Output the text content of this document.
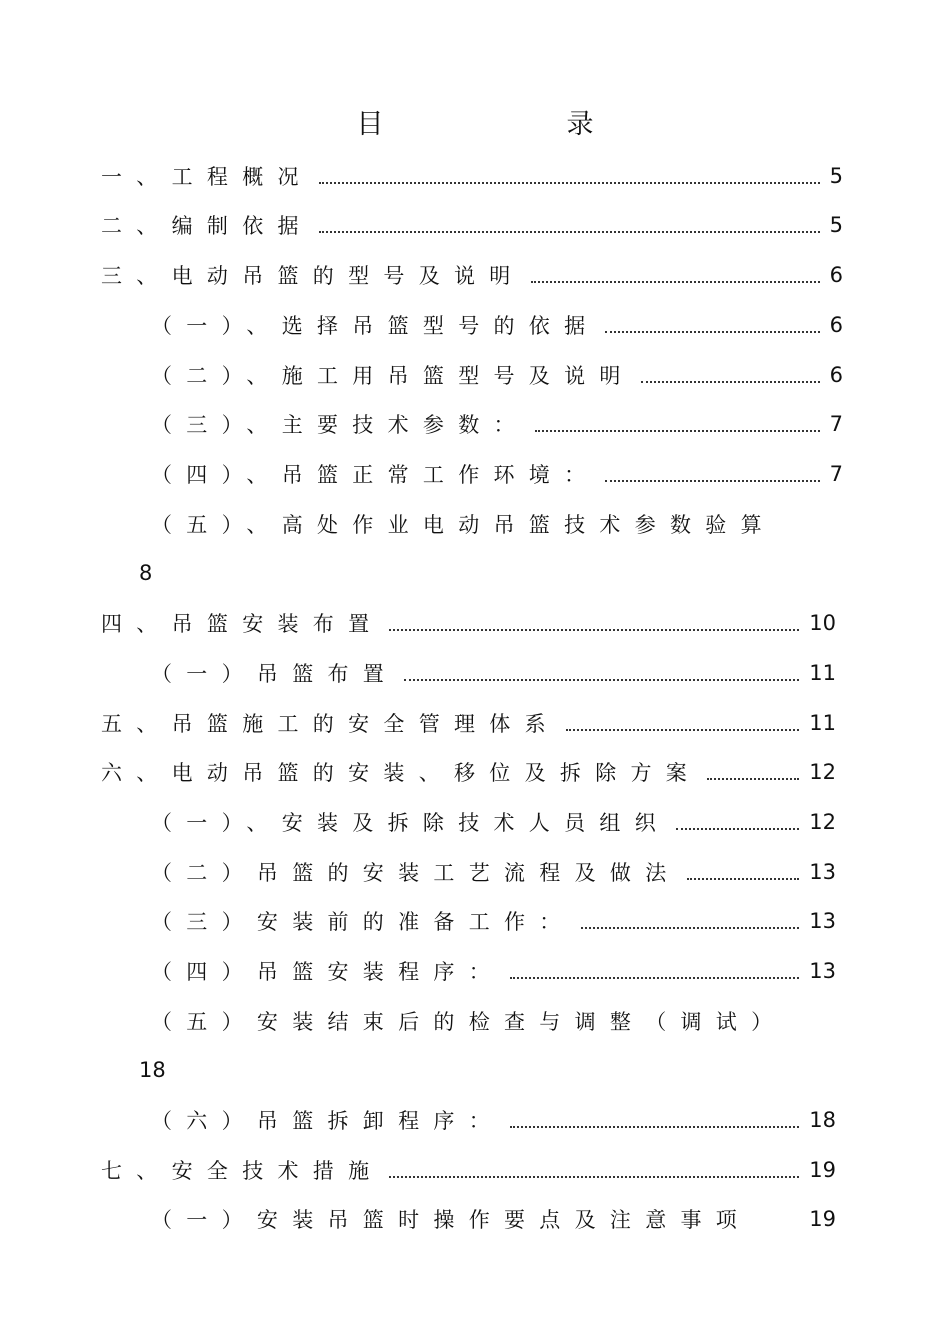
目　录
一、工程概况	5
二、编制依据	5
三、电动吊篮的型号及说明	6
（一）、选择吊篮型号的依据	6
（二）、施工用吊篮型号及说明	6
（三）、主要技术参数：	7
（四）、吊篮正常工作环境：	7
（五）、高处作业电动吊篮技术参数验算
8
四、吊篮安装布置	10
（一）吊篮布置	11
五、吊篮施工的安全管理体系	11
六、电动吊篮的安装、移位及拆除方案	12
（一）、安装及拆除技术人员组织	12
（二）吊篮的安装工艺流程及做法	13
（三）安装前的准备工作：	13
（四）吊篮安装程序：	13
（五）安装结束后的检查与调整（调试）
18
（六）吊篮拆卸程序：	18
七、安全技术措施	19
（一）安装吊篮时操作要点及注意事项	19
